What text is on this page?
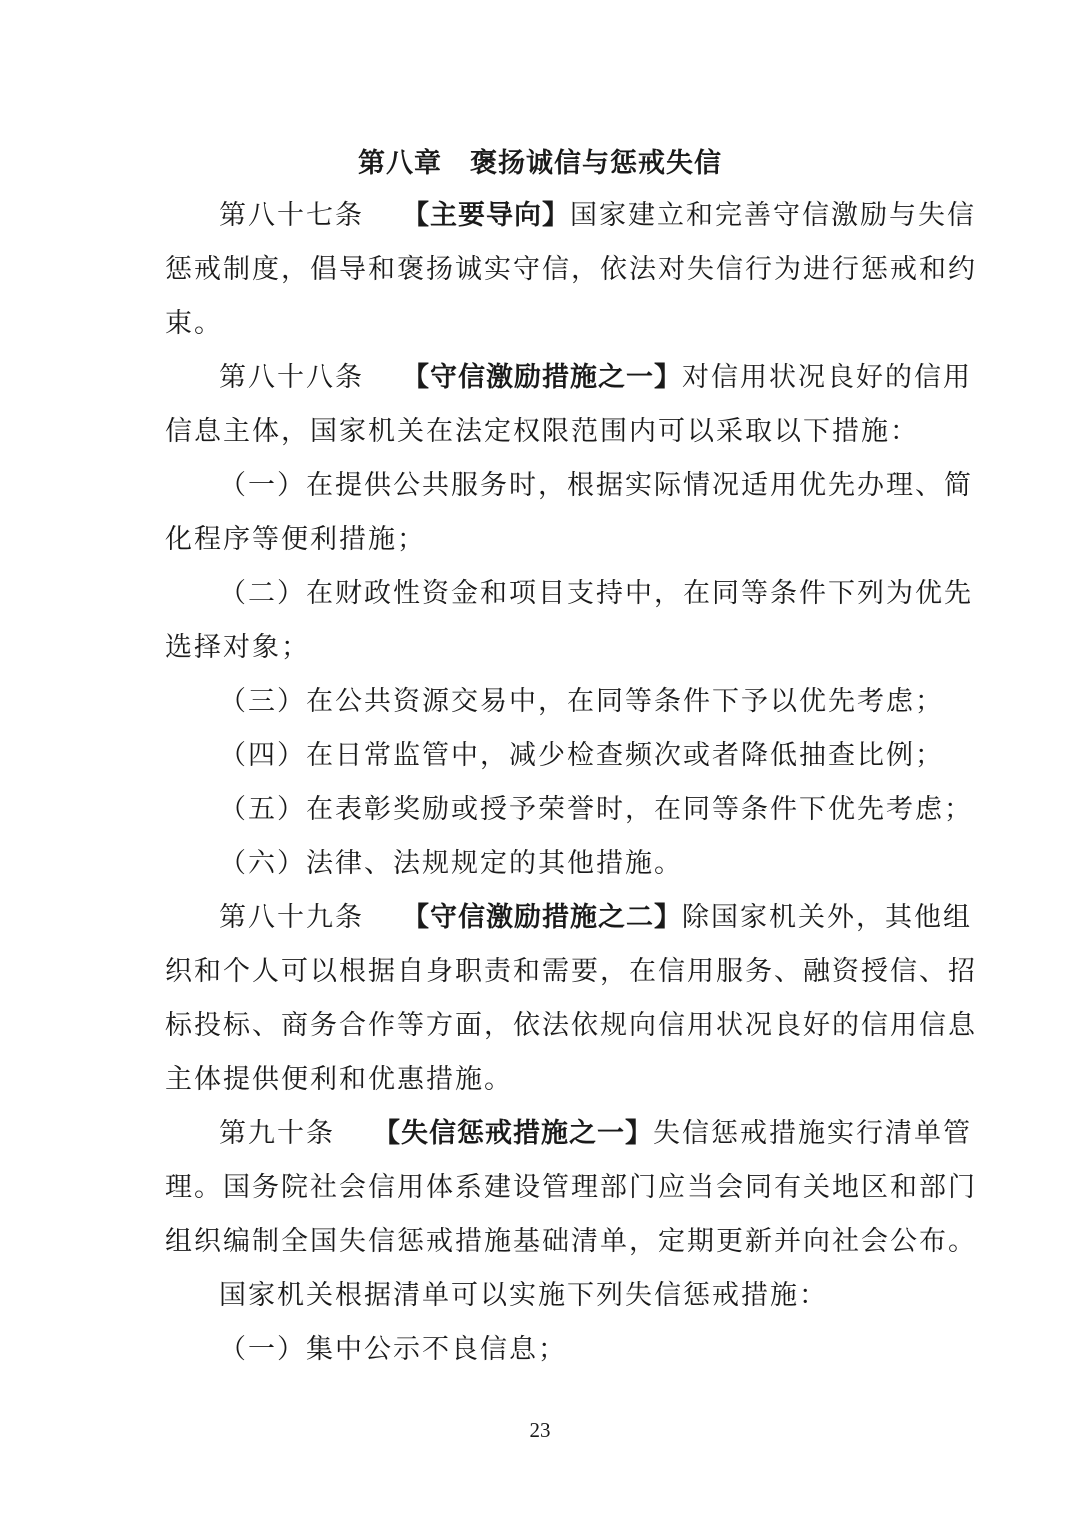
第八章　褒扬诚信与惩戒失信
第八十七条 【主要导向】国家建立和完善守信激励与失信
惩戒制度，倡导和褒扬诚实守信，依法对失信行为进行惩戒和约
束。
第八十八条 【守信激励措施之一】对信用状况良好的信用
信息主体，国家机关在法定权限范围内可以采取以下措施：
（一）在提供公共服务时，根据实际情况适用优先办理、简
化程序等便利措施；
（二）在财政性资金和项目支持中，在同等条件下列为优先
选择对象；
（三）在公共资源交易中，在同等条件下予以优先考虑；
（四）在日常监管中，减少检查频次或者降低抽查比例；
（五）在表彰奖励或授予荣誉时，在同等条件下优先考虑；
（六）法律、法规规定的其他措施。
第八十九条 【守信激励措施之二】除国家机关外，其他组
织和个人可以根据自身职责和需要，在信用服务、融资授信、招
标投标、商务合作等方面，依法依规向信用状况良好的信用信息
主体提供便利和优惠措施。
第九十条 【失信惩戒措施之一】失信惩戒措施实行清单管
理。国务院社会信用体系建设管理部门应当会同有关地区和部门
组织编制全国失信惩戒措施基础清单，定期更新并向社会公布。
国家机关根据清单可以实施下列失信惩戒措施：
（一）集中公示不良信息；
23
